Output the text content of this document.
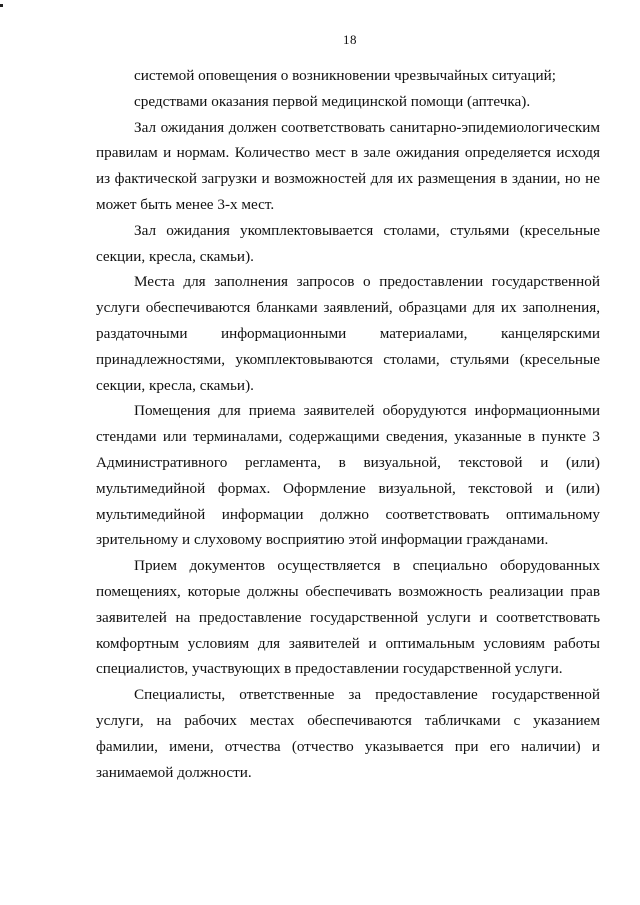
18

системой оповещения о возникновении чрезвычайных ситуаций;

средствами оказания первой медицинской помощи (аптечка).

Зал ожидания должен соответствовать санитарно-эпидемиологическим правилам и нормам. Количество мест в зале ожидания определяется исходя из фактической загрузки и возможностей для их размещения в здании, но не может быть менее 3-х мест.

Зал ожидания укомплектовывается столами, стульями (кресельные секции, кресла, скамьи).

Места для заполнения запросов о предоставлении государственной услуги обеспечиваются бланками заявлений, образцами для их заполнения, раздаточными информационными материалами, канцелярскими принадлежностями, укомплектовываются столами, стульями (кресельные секции, кресла, скамьи).

Помещения для приема заявителей оборудуются информационными стендами или терминалами, содержащими сведения, указанные в пункте 3 Административного регламента, в визуальной, текстовой и (или) мультимедийной формах. Оформление визуальной, текстовой и (или) мультимедийной информации должно соответствовать оптимальному зрительному и слуховому восприятию этой информации гражданами.

Прием документов осуществляется в специально оборудованных помещениях, которые должны обеспечивать возможность реализации прав заявителей на предоставление государственной услуги и соответствовать комфортным условиям для заявителей и оптимальным условиям работы специалистов, участвующих в предоставлении государственной услуги.

Специалисты, ответственные за предоставление государственной услуги, на рабочих местах обеспечиваются табличками с указанием фамилии, имени, отчества (отчество указывается при его наличии) и занимаемой должности.
